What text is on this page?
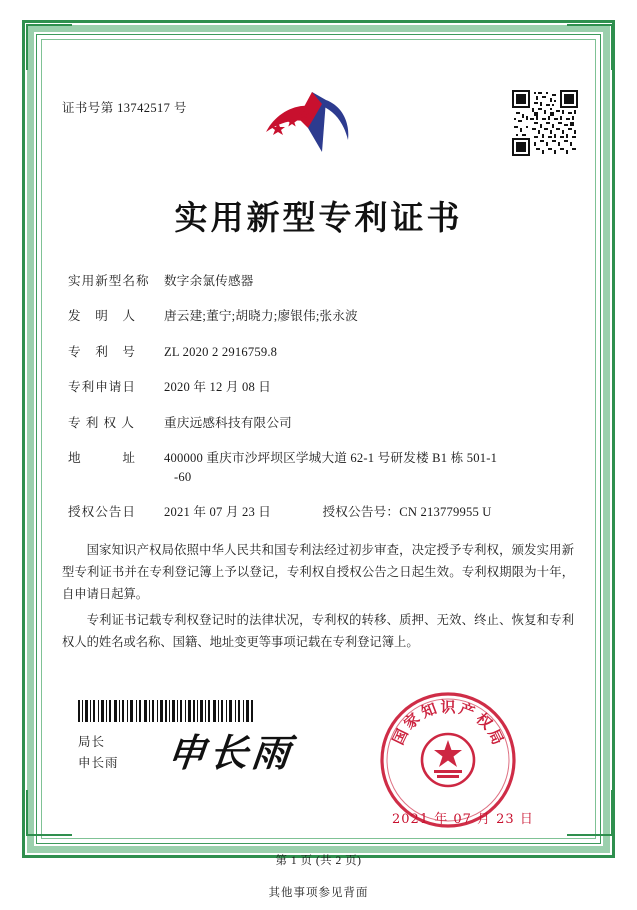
证书号第 13742517 号
实用新型专利证书
实用新型名称	数字余氯传感器
发　明　人	唐云建;董宁;胡晓力;廖银伟;张永波
专　利　号	ZL 2020 2 2916759.8
专利申请日	2020 年 12 月 08 日
专 利 权 人	重庆远感科技有限公司
地　　　址	400000 重庆市沙坪坝区学城大道 62-1 号研发楼 B1 栋 501-1
-60
授权公告日	2021 年 07 月 23 日	授权公告号：CN 213779955 U

国家知识产权局依照中华人民共和国专利法经过初步审查，决定授予专利权，颁发实用新型专利证书并在专利登记簿上予以登记，专利权自授权公告之日起生效。专利权期限为十年，自申请日起算。

专利证书记载专利权登记时的法律状况，专利权的转移、质押、无效、终止、恢复和专利权人的姓名或名称、国籍、地址变更等事项记载在专利登记簿上。

局长
申长雨 申长雨	国
家
知 识 产
权
局
2021 年 07 月 23 日
第 1 页 (共 2 页)
其他事项参见背面
